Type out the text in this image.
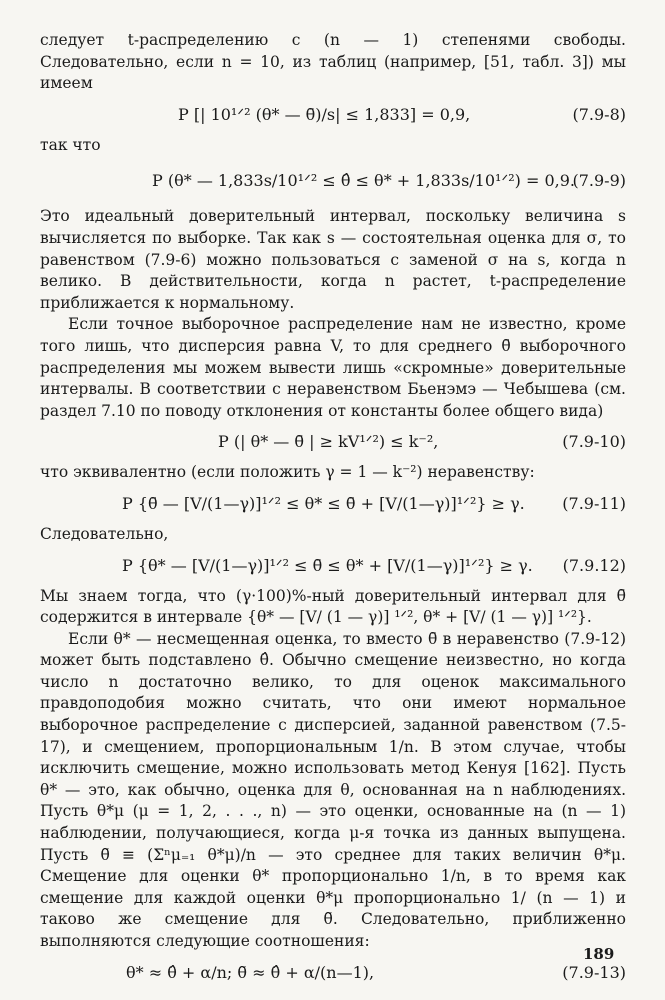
следует t-распределению с (n — 1) степенями свободы. Следовательно, если n = 10, из таблиц (например, [51, табл. 3]) мы имеем

P [| 10¹ᐟ² (θ* — θ̄)/s| ≤ 1,833] = 0,9,	(7.9-8)

так что

P (θ* — 1,833s/10¹ᐟ² ≤ θ̂ ≤ θ* + 1,833s/10¹ᐟ²) = 0,9.
(7.9-9)

Это идеальный доверительный интервал, поскольку величина s вычисляется по выборке. Так как s — состоятельная оценка для σ, то равенством (7.9-6) можно пользоваться с заменой σ на s, когда n велико. В действительности, когда n растет, t-распределение приближается к нормальному.

Если точное выборочное распределение нам не известно, кроме того лишь, что дисперсия равна V, то для среднего θ̄ выборочного распределения мы можем вывести лишь «скромные» доверительные интервалы. В соответствии с неравенством Бьенэмэ — Чебышева (см. раздел 7.10 по поводу отклонения от константы более общего вида)

P (| θ* — θ̄ | ≥ kV¹ᐟ²) ≤ k⁻²,	(7.9-10)

что эквивалентно (если положить γ = 1 — k⁻²) неравенству:

P {θ̄ — [V/(1—γ)]¹ᐟ² ≤ θ* ≤ θ̄ + [V/(1—γ)]¹ᐟ²} ≥ γ. (7.9-11)

Следовательно,

P {θ* — [V/(1—γ)]¹ᐟ² ≤ θ̄ ≤ θ* + [V/(1—γ)]¹ᐟ²} ≥ γ. (7.9.12)

Мы знаем тогда, что (γ·100)%-ный доверительный интервал для θ̄ содержится в интервале {θ* — [V/ (1 — γ)] ¹ᐟ², θ* + [V/ (1 — γ)] ¹ᐟ²}.

Если θ* — несмещенная оценка, то вместо θ̄ в неравенство (7.9-12) может быть подставлено θ̂. Обычно смещение неизвестно, но когда число n достаточно велико, то для оценок максимального правдоподобия можно считать, что они имеют нормальное выборочное распределение с дисперсией, заданной равенством (7.5-17), и смещением, пропорциональным 1/n. В этом случае, чтобы исключить смещение, можно использовать метод Кенуя [162]. Пусть θ* — это, как обычно, оценка для θ, основанная на n наблюдениях. Пусть θ*μ (μ = 1, 2, . . ., n) — это оценки, основанные на (n — 1) наблюдении, получающиеся, когда μ-я точка из данных выпущена. Пусть θ̃ ≡ (Σⁿμ₌₁ θ*μ)/n — это среднее для таких величин θ*μ. Смещение для оценки θ* пропорционально 1/n, в то время как смещение для каждой оценки θ*μ пропорционально 1/ (n — 1) и таково же смещение для θ̃. Следовательно, приближенно выполняются следующие соотношения:

θ* ≈ θ̂ + α/n; θ̃ ≈ θ̂ + α/(n—1),	(7.9-13)
189
